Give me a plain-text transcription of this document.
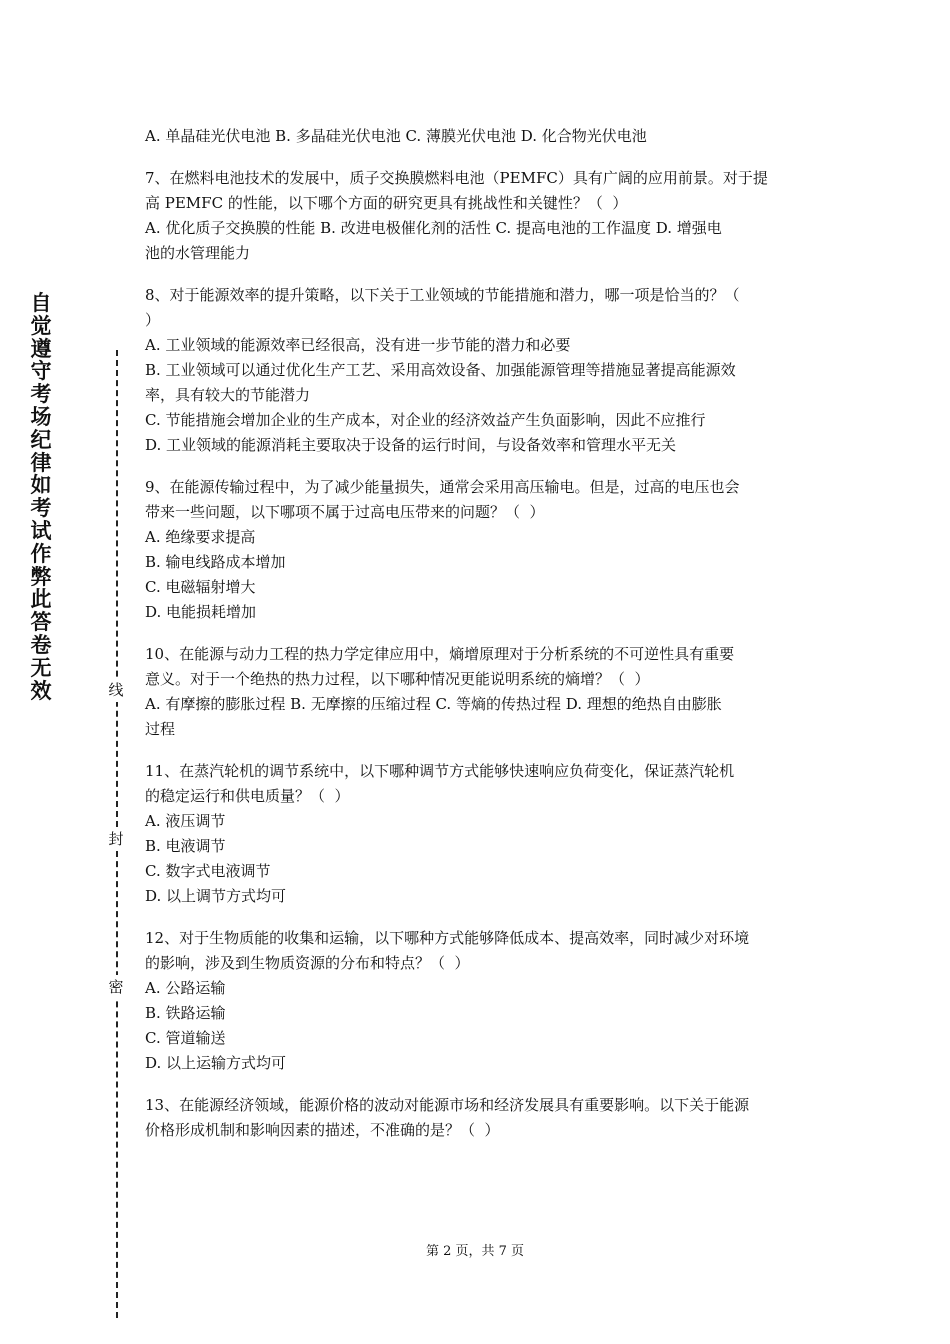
自觉遵守考场纪律如考试作弊此答卷无效	线
封
密
A. 单晶硅光伏电池 B. 多晶硅光伏电池 C. 薄膜光伏电池 D. 化合物光伏电池
7、在燃料电池技术的发展中，质子交换膜燃料电池（PEMFC）具有广阔的应用前景。对于提
高 PEMFC 的性能，以下哪个方面的研究更具有挑战性和关键性？（  ）
A. 优化质子交换膜的性能 B. 改进电极催化剂的活性 C. 提高电池的工作温度 D. 增强电
池的水管理能力
8、对于能源效率的提升策略，以下关于工业领域的节能措施和潜力，哪一项是恰当的？（
）
A. 工业领域的能源效率已经很高，没有进一步节能的潜力和必要
B. 工业领域可以通过优化生产工艺、采用高效设备、加强能源管理等措施显著提高能源效
率，具有较大的节能潜力
C. 节能措施会增加企业的生产成本，对企业的经济效益产生负面影响，因此不应推行
D. 工业领域的能源消耗主要取决于设备的运行时间，与设备效率和管理水平无关
9、在能源传输过程中，为了减少能量损失，通常会采用高压输电。但是，过高的电压也会
带来一些问题，以下哪项不属于过高电压带来的问题？（  ）
A. 绝缘要求提高
B. 输电线路成本增加
C. 电磁辐射增大
D. 电能损耗增加
10、在能源与动力工程的热力学定律应用中，熵增原理对于分析系统的不可逆性具有重要
意义。对于一个绝热的热力过程，以下哪种情况更能说明系统的熵增？（  ）
A. 有摩擦的膨胀过程 B. 无摩擦的压缩过程 C. 等熵的传热过程 D. 理想的绝热自由膨胀
过程
11、在蒸汽轮机的调节系统中，以下哪种调节方式能够快速响应负荷变化，保证蒸汽轮机
的稳定运行和供电质量？（  ）
A. 液压调节
B. 电液调节
C. 数字式电液调节
D. 以上调节方式均可
12、对于生物质能的收集和运输，以下哪种方式能够降低成本、提高效率，同时减少对环境
的影响，涉及到生物质资源的分布和特点？（  ）
A. 公路运输
B. 铁路运输
C. 管道输送
D. 以上运输方式均可
13、在能源经济领域，能源价格的波动对能源市场和经济发展具有重要影响。以下关于能源
价格形成机制和影响因素的描述，不准确的是？（  ）
第 2 页，共 7 页
